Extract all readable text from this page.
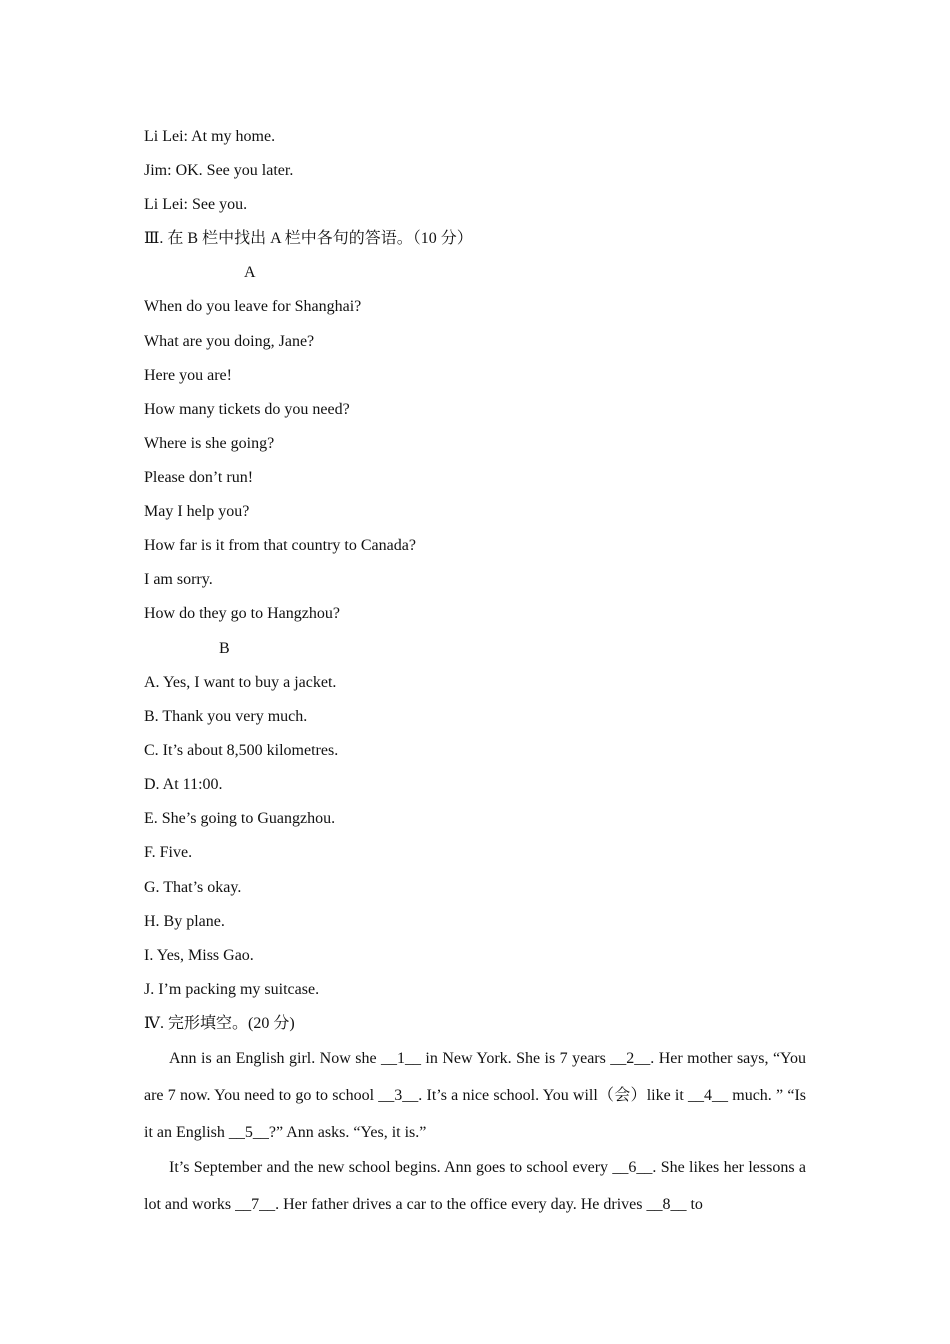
Li Lei: At my home.
Jim: OK. See you later.
Li Lei: See you.
Ⅲ. 在 B 栏中找出 A 栏中各句的答语。（10 分）
A
When do you leave for Shanghai?
What are you doing, Jane?
Here you are!
How many tickets do you need?
Where is she going?
Please don’t run!
May I help you?
How far is it from that country to Canada?
I am sorry.
How do they go to Hangzhou?
B
A. Yes, I want to buy a jacket.
B. Thank you very much.
C. It’s about 8,500 kilometres.
D. At 11:00.
E. She’s going to Guangzhou.
F. Five.
G. That’s okay.
H. By plane.
I. Yes, Miss Gao.
J. I’m packing my suitcase.
Ⅳ. 完形填空。(20 分)
Ann is an English girl. Now she __1__ in New York. She is 7 years __2__. Her mother says, “You are 7 now. You need to go to school __3__. It’s a nice school. You will（会）like it __4__ much. ” “Is it an English __5__?” Ann asks. “Yes, it is.”
It’s September and the new school begins. Ann goes to school every __6__. She likes her lessons a lot and works __7__. Her father drives a car to the office every day. He drives __8__ to
